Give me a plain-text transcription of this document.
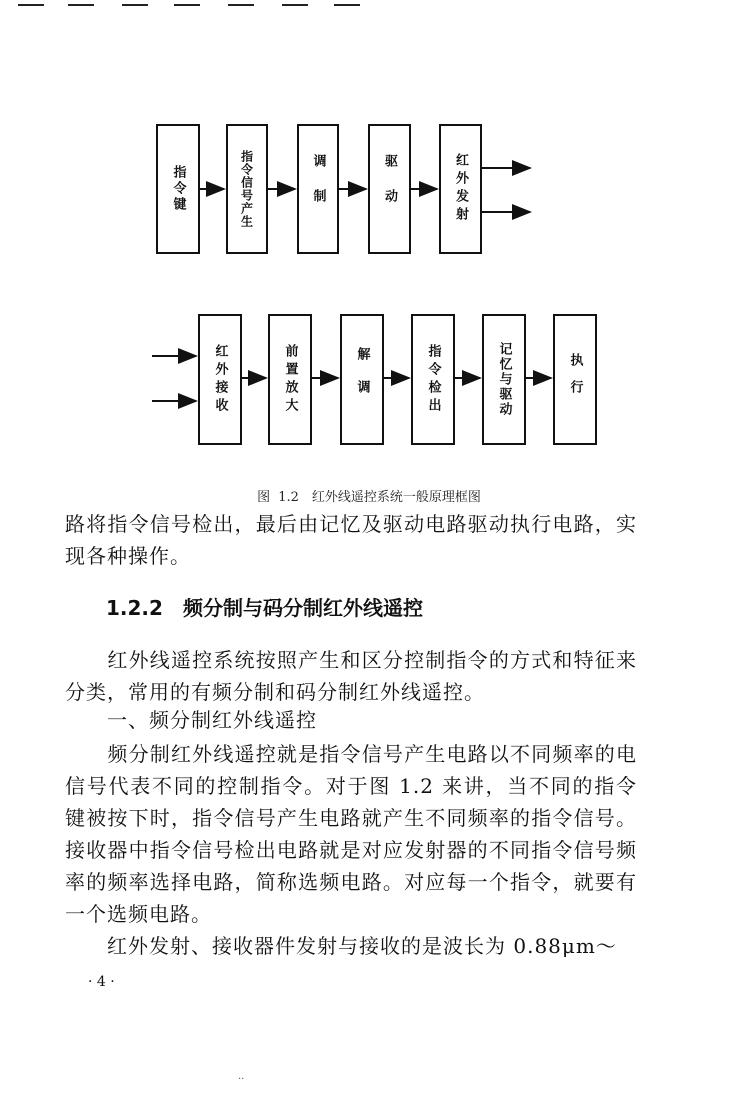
指令键	指令信号产生	调制	驱动	红外发射
红外接收	前置放大	解调	指令检出	记忆与驱动	执行
图 1.2　红外线遥控系统一般原理框图
路将指令信号检出，最后由记忆及驱动电路驱动执行电路，实现各种操作。
1.2.2　频分制与码分制红外线遥控
　　红外线遥控系统按照产生和区分控制指令的方式和特征来分类，常用的有频分制和码分制红外线遥控。
　　一、频分制红外线遥控
　　频分制红外线遥控就是指令信号产生电路以不同频率的电信号代表不同的控制指令。对于图 1.2 来讲，当不同的指令键被按下时，指令信号产生电路就产生不同频率的指令信号。接收器中指令信号检出电路就是对应发射器的不同指令信号频率的频率选择电路，简称选频电路。对应每一个指令，就要有一个选频电路。
　　红外发射、接收器件发射与接收的是波长为 0.88μm～
· 4 ·
..
